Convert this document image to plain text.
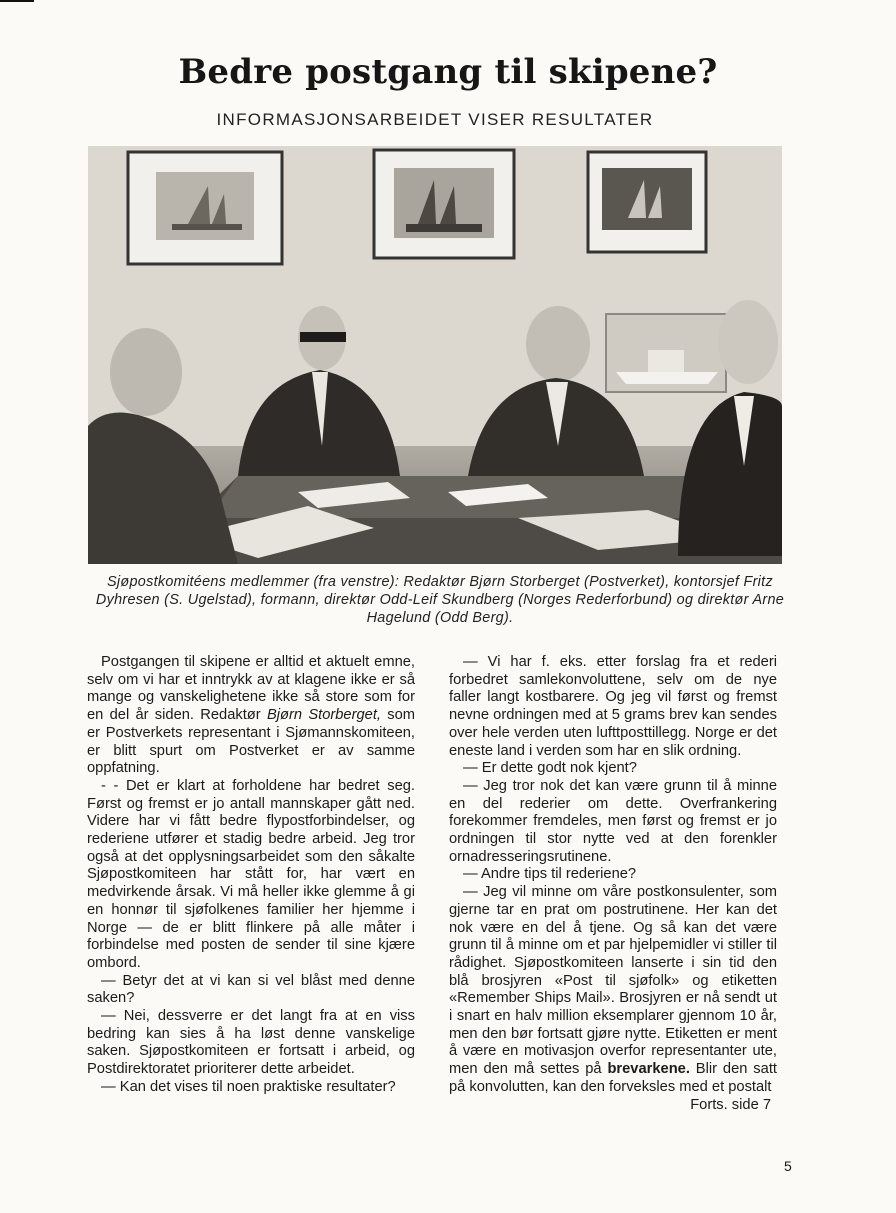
Bedre postgang til skipene?
INFORMASJONSARBEIDET VISER RESULTATER
Sjøpostkomitéens medlemmer (fra venstre): Redaktør Bjørn Storberget (Postverket), kontorsjef Fritz Dyhresen (S. Ugelstad), formann, direktør Odd-Leif Skundberg (Norges Rederforbund) og direktør Arne Hagelund (Odd Berg).

Postgangen til skipene er alltid et aktuelt emne, selv om vi har et inntrykk av at klagene ikke er så mange og vanskelighetene ikke så store som for en del år siden. Redaktør Bjørn Storberget, som er Postverkets representant i Sjømannskomiteen, er blitt spurt om Postverket er av samme oppfatning.

- - Det er klart at forholdene har bedret seg. Først og fremst er jo antall mannskaper gått ned. Videre har vi fått bedre flypostforbindelser, og rederiene utfører et stadig bedre arbeid. Jeg tror også at det opplysningsarbeidet som den såkalte Sjøpostkomiteen har stått for, har vært en medvirkende årsak. Vi må heller ikke glemme å gi en honnør til sjøfolkenes familier her hjemme i Norge — de er blitt flinkere på alle måter i forbindelse med posten de sender til sine kjære ombord.

— Betyr det at vi kan si vel blåst med denne saken?

— Nei, dessverre er det langt fra at en viss bedring kan sies å ha løst denne vanskelige saken. Sjøpostkomiteen er fortsatt i arbeid, og Postdirektoratet prioriterer dette arbeidet.

— Kan det vises til noen praktiske resultater?

— Vi har f. eks. etter forslag fra et rederi forbedret samlekonvoluttene, selv om de nye faller langt kostbarere. Og jeg vil først og fremst nevne ordningen med at 5 grams brev kan sendes over hele verden uten lufttposttillegg. Norge er det eneste land i verden som har en slik ordning.

— Er dette godt nok kjent?

— Jeg tror nok det kan være grunn til å minne en del rederier om dette. Overfrankering forekommer fremdeles, men først og fremst er jo ordningen til stor nytte ved at den forenkler ornadresseringsrutinene.

— Andre tips til rederiene?

— Jeg vil minne om våre postkonsulenter, som gjerne tar en prat om postrutinene. Her kan det nok være en del å tjene. Og så kan det være grunn til å minne om et par hjelpemidler vi stiller til rådighet. Sjøpostkomiteen lanserte i sin tid den blå brosjyren «Post til sjøfolk» og etiketten «Remember Ships Mail». Brosjyren er nå sendt ut i snart en halv million eksemplarer gjennom 10 år, men den bør fortsatt gjøre nytte. Etiketten er ment å være en motivasjon overfor representanter ute, men den må settes på brevarkene. Blir den satt på konvolutten, kan den forveksles med et postalt

Forts. side 7

5
